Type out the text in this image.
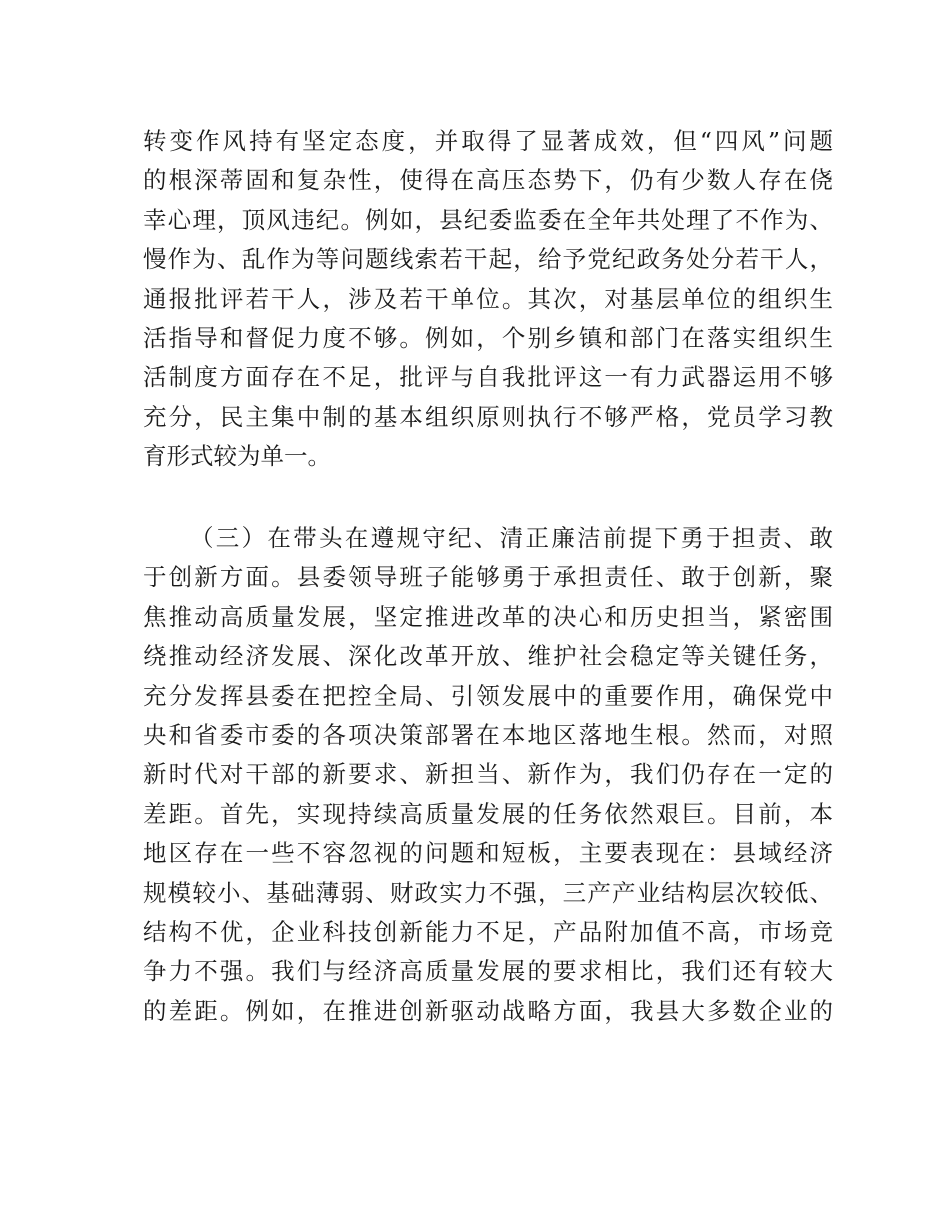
转变作风持有坚定态度，并取得了显著成效，但“四风”问题
的根深蒂固和复杂性，使得在高压态势下，仍有少数人存在侥
幸心理，顶风违纪。例如，县纪委监委在全年共处理了不作为、
慢作为、乱作为等问题线索若干起，给予党纪政务处分若干人，
通报批评若干人，涉及若干单位。其次，对基层单位的组织生
活指导和督促力度不够。例如，个别乡镇和部门在落实组织生
活制度方面存在不足，批评与自我批评这一有力武器运用不够
充分，民主集中制的基本组织原则执行不够严格，党员学习教
育形式较为单一。
（三）在带头在遵规守纪、清正廉洁前提下勇于担责、敢
于创新方面。县委领导班子能够勇于承担责任、敢于创新，聚
焦推动高质量发展，坚定推进改革的决心和历史担当，紧密围
绕推动经济发展、深化改革开放、维护社会稳定等关键任务，
充分发挥县委在把控全局、引领发展中的重要作用，确保党中
央和省委市委的各项决策部署在本地区落地生根。然而，对照
新时代对干部的新要求、新担当、新作为，我们仍存在一定的
差距。首先，实现持续高质量发展的任务依然艰巨。目前，本
地区存在一些不容忽视的问题和短板，主要表现在：县域经济
规模较小、基础薄弱、财政实力不强，三产产业结构层次较低、
结构不优，企业科技创新能力不足，产品附加值不高，市场竞
争力不强。我们与经济高质量发展的要求相比，我们还有较大
的差距。例如，在推进创新驱动战略方面，我县大多数企业的
